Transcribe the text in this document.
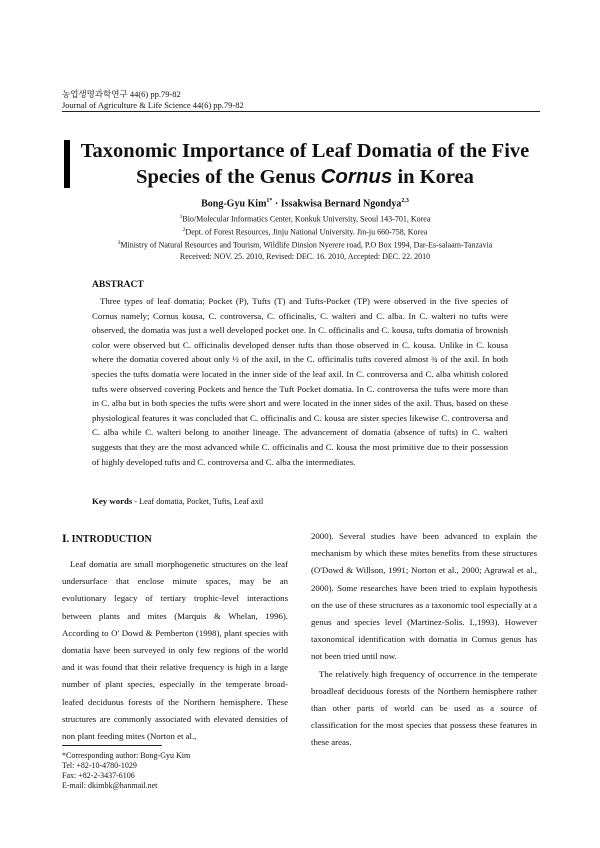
농업생명과학연구 44(6) pp.79-82
Journal of Agriculture & Life Science 44(6) pp.79-82
Taxonomic Importance of Leaf Domatia of the Five
Species of the Genus Cornus in Korea
Bong-Gyu Kim$^{1*}$ · Issakwisa Bernard Ngondya$^{2,3}$
$^1$Bio/Molecular Informatics Center, Konkuk University, Seoul 143-701, Korea
$^2$Dept. of Forest Resources, Jinju National University. Jin-ju 660-758, Korea
$^3$Ministry of Natural Resources and Tourism, Wildlife Dinsion Nyerere road, P.O Box 1994, Dar-Es-salaam-Tanzavia
Received: NOV. 25. 2010, Revised: DEC. 16. 2010, Accepted: DEC. 22. 2010
ABSTRACT

Three types of leaf domatia; Pocket (P), Tufts (T) and Tufts-Pocket (TP) were observed in the five species of Cornus namely; Cornus kousa, C. controversa, C. officinalis, C. walteri and C. alba. In C. walteri no tufts were observed, the domatia was just a well developed pocket one. In C. officinalis and C. kousa, tufts domatia of brownish color were observed but C. officinalis developed denser tufts than those observed in C. kousa. Unlike in C. kousa where the domatia covered about only ½ of the axil, in the C. officinalis tufts covered almost ¾ of the axil. In both species the tufts domatia were located in the inner side of the leaf axil. In C. controversa and C. alba whitish colored tufts were observed covering Pockets and hence the Tuft Pocket domatia. In C. controversa the tufts were more than in C. alba but in both species the tufts were short and were located in the inner sides of the axil. Thus, based on these physiological features it was concluded that C. officinalis and C. kousa are sister species likewise C. controversa and C. alba while C. walteri belong to another lineage. The advancement of domatia (absence of tufts) in C. walteri suggests that they are the most advanced while C. officinalis and C. kousa the most primitive due to their possession of highly developed tufts and C. controversa and C. alba the intermediates.

Key words - Leaf domatia, Pocket, Tufts, Leaf axil
Ⅰ. INTRODUCTION

Leaf domatia are small morphogenetic structures on the leaf undersurface that enclose minute spaces, may be an evolutionary legacy of tertiary trophic-level interactions between plants and mites (Marquis & Whelan, 1996). According to O' Dowd & Pemberton (1998), plant species with domatia have been surveyed in only few regions of the world and it was found that their relative frequency is high in a large number of plant species, especially in the temperate broad-leafed deciduous forests of the Northern hemisphere. These structures are commonly associated with elevated densities of non plant feeding mites (Norton et al.,

2000). Several studies have been advanced to explain the mechanism by which these mites benefits from these structures (O'Dowd & Willson, 1991; Norton et al., 2000; Agrawal et al., 2000). Some researches have been tried to explain hypothesis on the use of these structures as a taxonomic tool especially at a genus and species level (Martinez-Solis. I.,1993). However taxonomical identification with domatia in Cornus genus has not been tried until now.

The relatively high frequency of occurrence in the temperate broadleaf deciduous forests of the Northern hemisphere rather than other parts of world can be used as a source of classification for the most species that possess these features in these areas.

*Corresponding author: Bong-Gyu Kim
Tel: +82-10-4780-1029
Fax: +82-2-3437-6106
E-mail: dkimbk@hanmail.net
